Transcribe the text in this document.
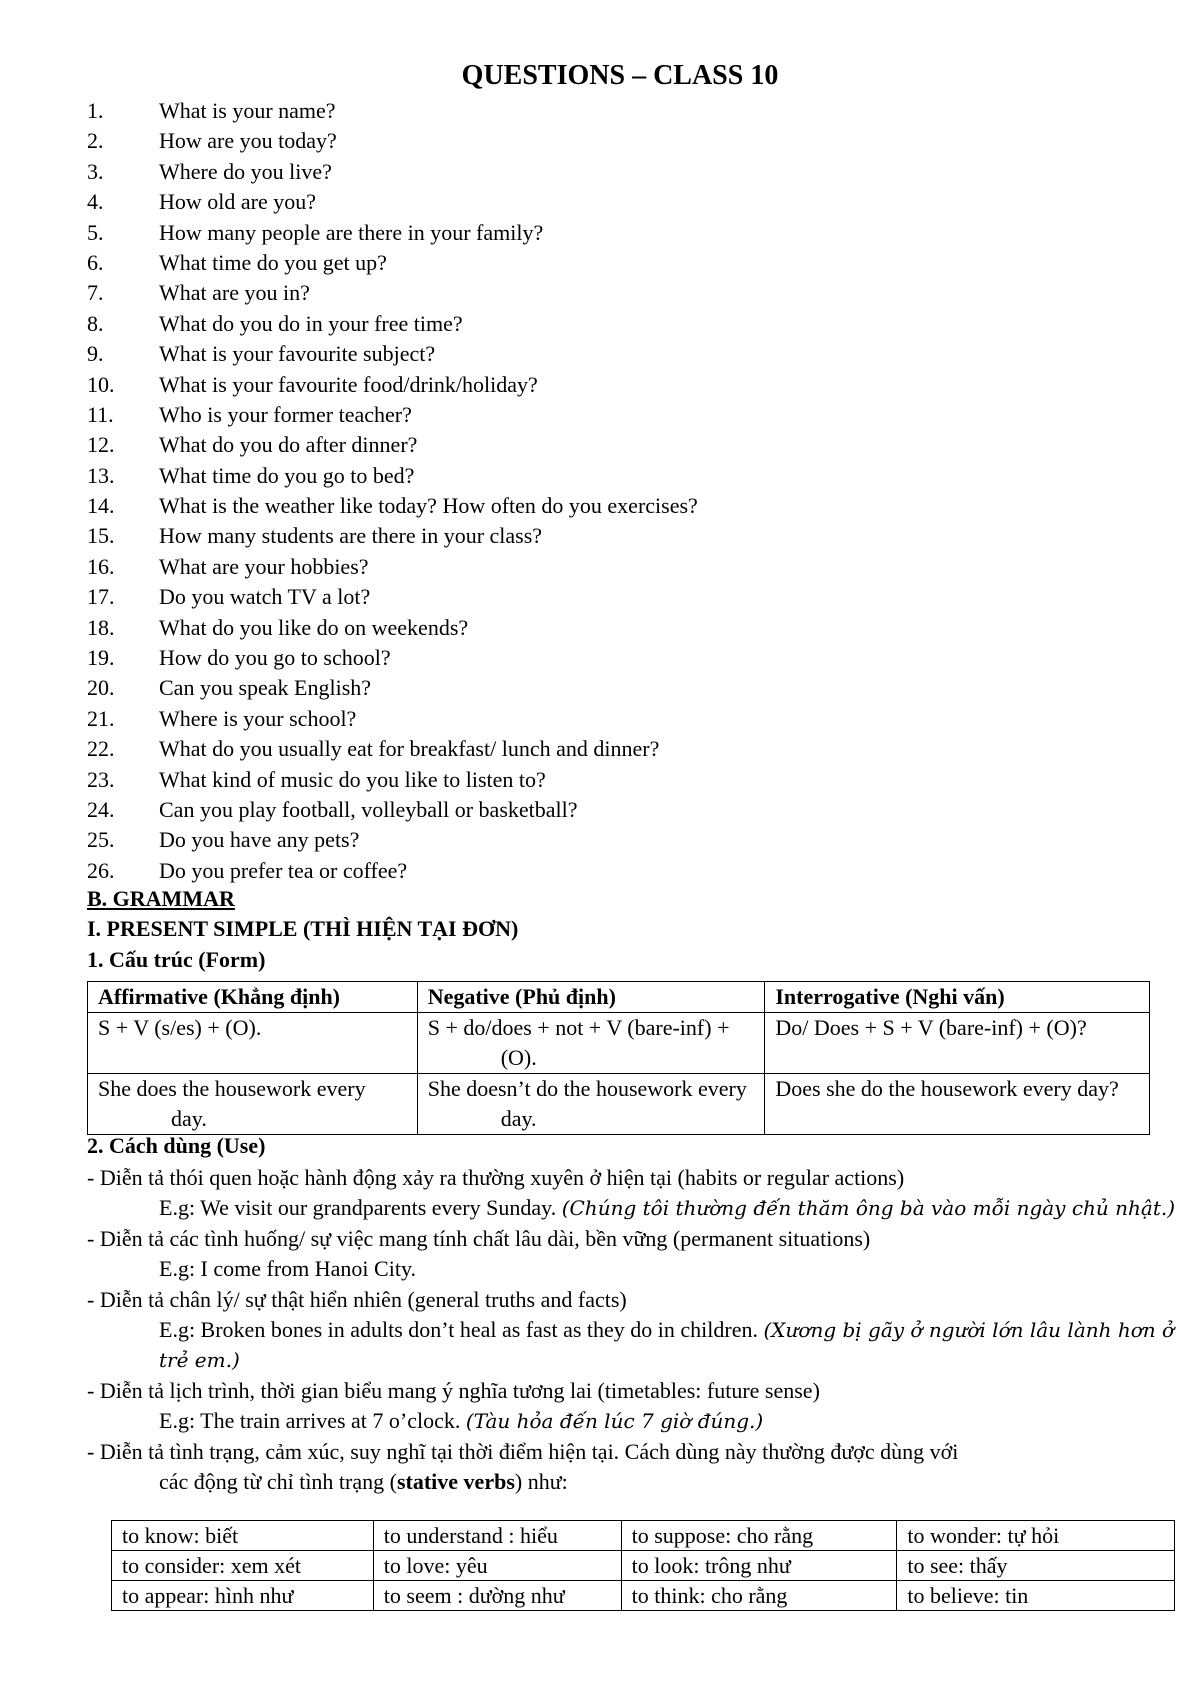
QUESTIONS – CLASS 10
1.	What is your name?
2.	How are you today?
3.	Where do you live?
4.	How old are you?
5.	How many people are there in your family?
6.	What time do you get up?
7.	What are you in?
8.	What do you do in your free time?
9.	What is your favourite subject?
10. What is your favourite food/drink/holiday?
11. Who is your former teacher?
12. What do you do after dinner?
13. What time do you go to bed?
14. What is the weather like today? How often do you exercises?
15. How many students are there in your class?
16. What are your hobbies?
17. Do you watch TV a lot?
18. What do you like do on weekends?
19. How do you go to school?
20. Can you speak English?
21. Where is your school?
22. What do you usually eat for breakfast/ lunch and dinner?
23. What kind of music do you like to listen to?
24. Can you play football, volleyball or basketball?
25. Do you have any pets?
26. Do you prefer tea or coffee?
B. GRAMMAR
I. PRESENT SIMPLE (THÌ HIỆN TẠI ĐƠN)
1. Cấu trúc (Form)
Affirmative (Khẳng định)	Negative (Phủ định)	Interrogative (Nghi vấn)

S + V (s/es) + (O).	S + do/does + not + V (bare-inf) + (O).	Do/ Does + S + V (bare-inf) + (O)?

She does the housework every day.	She doesn’t do the housework every day.	Does she do the housework every day?
2. Cách dùng (Use)
- Diễn tả thói quen hoặc hành động xảy ra thường xuyên ở hiện tại (habits or regular actions)
E.g: We visit our grandparents every Sunday. (Chúng tôi thường đến thăm ông bà vào mỗi ngày chủ nhật.)
- Diễn tả các tình huống/ sự việc mang tính chất lâu dài, bền vững (permanent situations)
E.g: I come from Hanoi City.
- Diễn tả chân lý/ sự thật hiển nhiên (general truths and facts)
E.g: Broken bones in adults don’t heal as fast as they do in children. (Xương bị gãy ở người lớn lâu lành hơn ở trẻ em.)
- Diễn tả lịch trình, thời gian biểu mang ý nghĩa tương lai (timetables: future sense)
E.g: The train arrives at 7 o’clock. (Tàu hỏa đến lúc 7 giờ đúng.)
- Diễn tả tình trạng, cảm xúc, suy nghĩ tại thời điểm hiện tại. Cách dùng này thường được dùng với
các động từ chỉ tình trạng (stative verbs) như:
to know: biết	to understand : hiểu	to suppose: cho rằng	to wonder: tự hỏi
to consider: xem xét	to love: yêu	to look: trông như	to see: thấy
to appear: hình như	to seem : dường như	to think: cho rằng	to believe: tin
